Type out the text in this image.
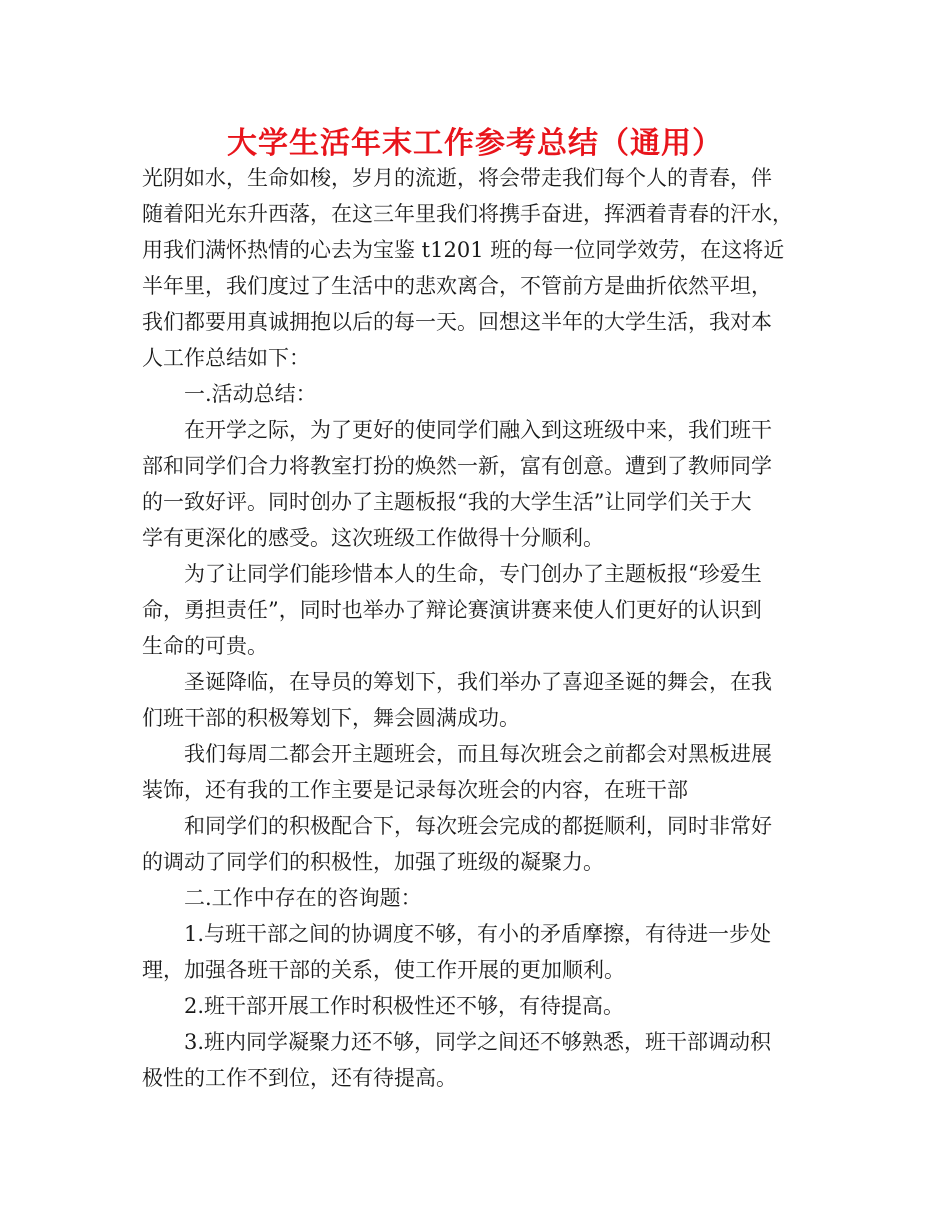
大学生活年末工作参考总结（通用）
光阴如水，生命如梭，岁月的流逝，将会带走我们每个人的青春，伴
随着阳光东升西落，在这三年里我们将携手奋进，挥洒着青春的汗水，
用我们满怀热情的心去为宝鉴 t1201 班的每一位同学效劳，在这将近
半年里，我们度过了生活中的悲欢离合，不管前方是曲折依然平坦，
我们都要用真诚拥抱以后的每一天。回想这半年的大学生活，我对本
人工作总结如下：
一.活动总结：
在开学之际，为了更好的使同学们融入到这班级中来，我们班干
部和同学们合力将教室打扮的焕然一新，富有创意。遭到了教师同学
的一致好评。同时创办了主题板报“我的大学生活”让同学们关于大
学有更深化的感受。这次班级工作做得十分顺利。
为了让同学们能珍惜本人的生命，专门创办了主题板报“珍爱生
命，勇担责任”，同时也举办了辩论赛演讲赛来使人们更好的认识到
生命的可贵。
圣诞降临，在导员的筹划下，我们举办了喜迎圣诞的舞会，在我
们班干部的积极筹划下，舞会圆满成功。
我们每周二都会开主题班会，而且每次班会之前都会对黑板进展
装饰，还有我的工作主要是记录每次班会的内容，在班干部
和同学们的积极配合下，每次班会完成的都挺顺利，同时非常好
的调动了同学们的积极性，加强了班级的凝聚力。
二.工作中存在的咨询题：
1.与班干部之间的协调度不够，有小的矛盾摩擦，有待进一步处
理，加强各班干部的关系，使工作开展的更加顺利。
2.班干部开展工作时积极性还不够，有待提高。
3.班内同学凝聚力还不够，同学之间还不够熟悉，班干部调动积
极性的工作不到位，还有待提高。
